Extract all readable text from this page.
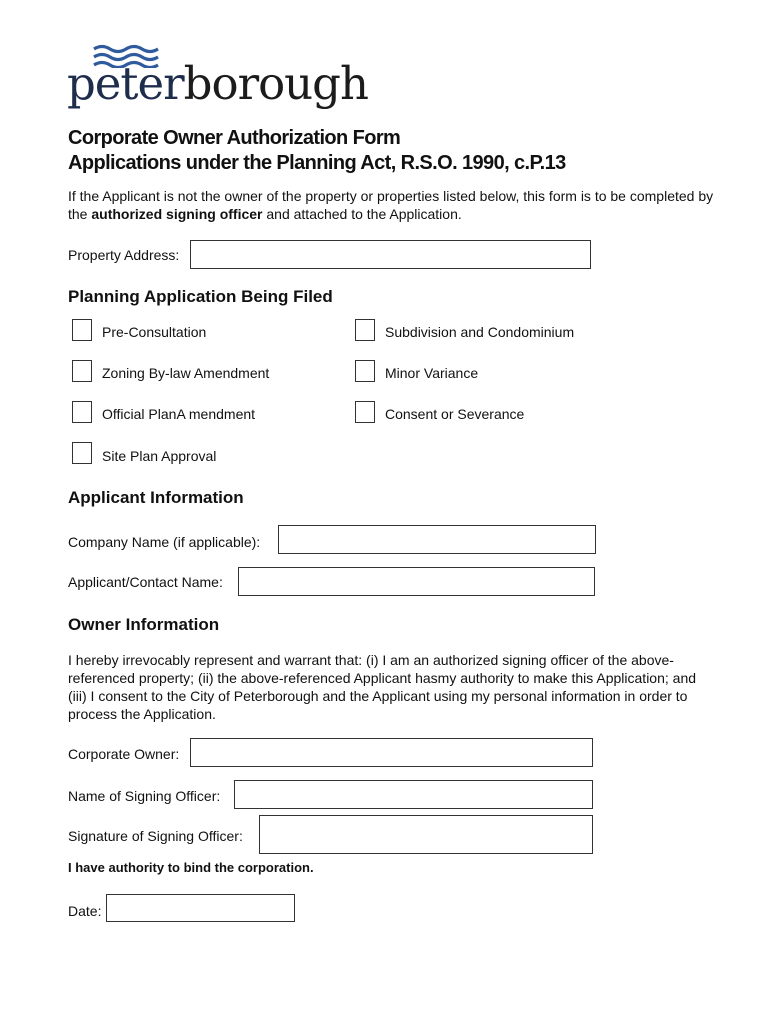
peterborough
Corporate Owner Authorization Form
Applications under the Planning Act, R.S.O. 1990, c.P.13
If the Applicant is not the owner of the property or properties listed below, this form is to be completed by the authorized signing officer and attached to the Application.
Property Address:
Planning Application Being Filed
Pre-Consultation	Subdivision and Condominium
Zoning By-law Amendment	Minor Variance
Official PlanA mendment	Consent or Severance
Site Plan Approval
Applicant Information
Company Name (if applicable):
Applicant/Contact Name:
Owner Information
I hereby irrevocably represent and warrant that: (i) I am an authorized signing officer of the above-referenced property; (ii) the above-referenced Applicant hasmy authority to make this Application; and (iii) I consent to the City of Peterborough and the Applicant using my personal information in order to process the Application.
Corporate Owner:
Name of Signing Officer:
Signature of Signing Officer:
I have authority to bind the corporation.
Date:
